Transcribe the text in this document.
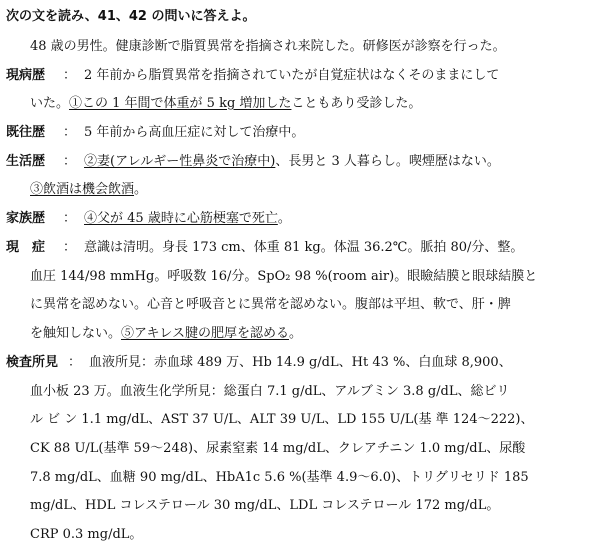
次の文を読み、41、42 の問いに答えよ。
48 歳の男性。健康診断で脂質異常を指摘され来院した。研修医が診察を行った。
現病歴 ： 2 年前から脂質異常を指摘されていたが自覚症状はなくそのままにして
いた。①この 1 年間で体重が 5 kg 増加したこともあり受診した。
既往歴 ： 5 年前から高血圧症に対して治療中。
生活歴 ： ②妻(アレルギー性鼻炎で治療中)、長男と 3 人暮らし。喫煙歴はない。
③飲酒は機会飲酒。
家族歴 ： ④父が 45 歳時に心筋梗塞で死亡。
現　症 ： 意識は清明。身長 173 cm、体重 81 kg。体温 36.2℃。脈拍 80/分、整。
血圧 144/98 mmHg。呼吸数 16/分。SpO₂ 98 %(room air)。眼瞼結膜と眼球結膜と
に異常を認めない。心音と呼吸音とに異常を認めない。腹部は平坦、軟で、肝・脾
を触知しない。⑤アキレス腱の肥厚を認める。
検査所見 ： 血液所見：赤血球 489 万、Hb 14.9 g/dL、Ht 43 %、白血球 8,900、
血小板 23 万。血液生化学所見：総蛋白 7.1 g/dL、アルブミン 3.8 g/dL、総ビリ
ル ビ ン 1.1 mg/dL、AST 37 U/L、ALT 39 U/L、LD 155 U/L(基 準 124〜222)、
CK 88 U/L(基準 59〜248)、尿素窒素 14 mg/dL、クレアチニン 1.0 mg/dL、尿酸
7.8 mg/dL、血糖 90 mg/dL、HbA1c 5.6 %(基準 4.9〜6.0)、トリグリセリド 185
mg/dL、HDL コレステロール 30 mg/dL、LDL コレステロール 172 mg/dL。
CRP 0.3 mg/dL。
